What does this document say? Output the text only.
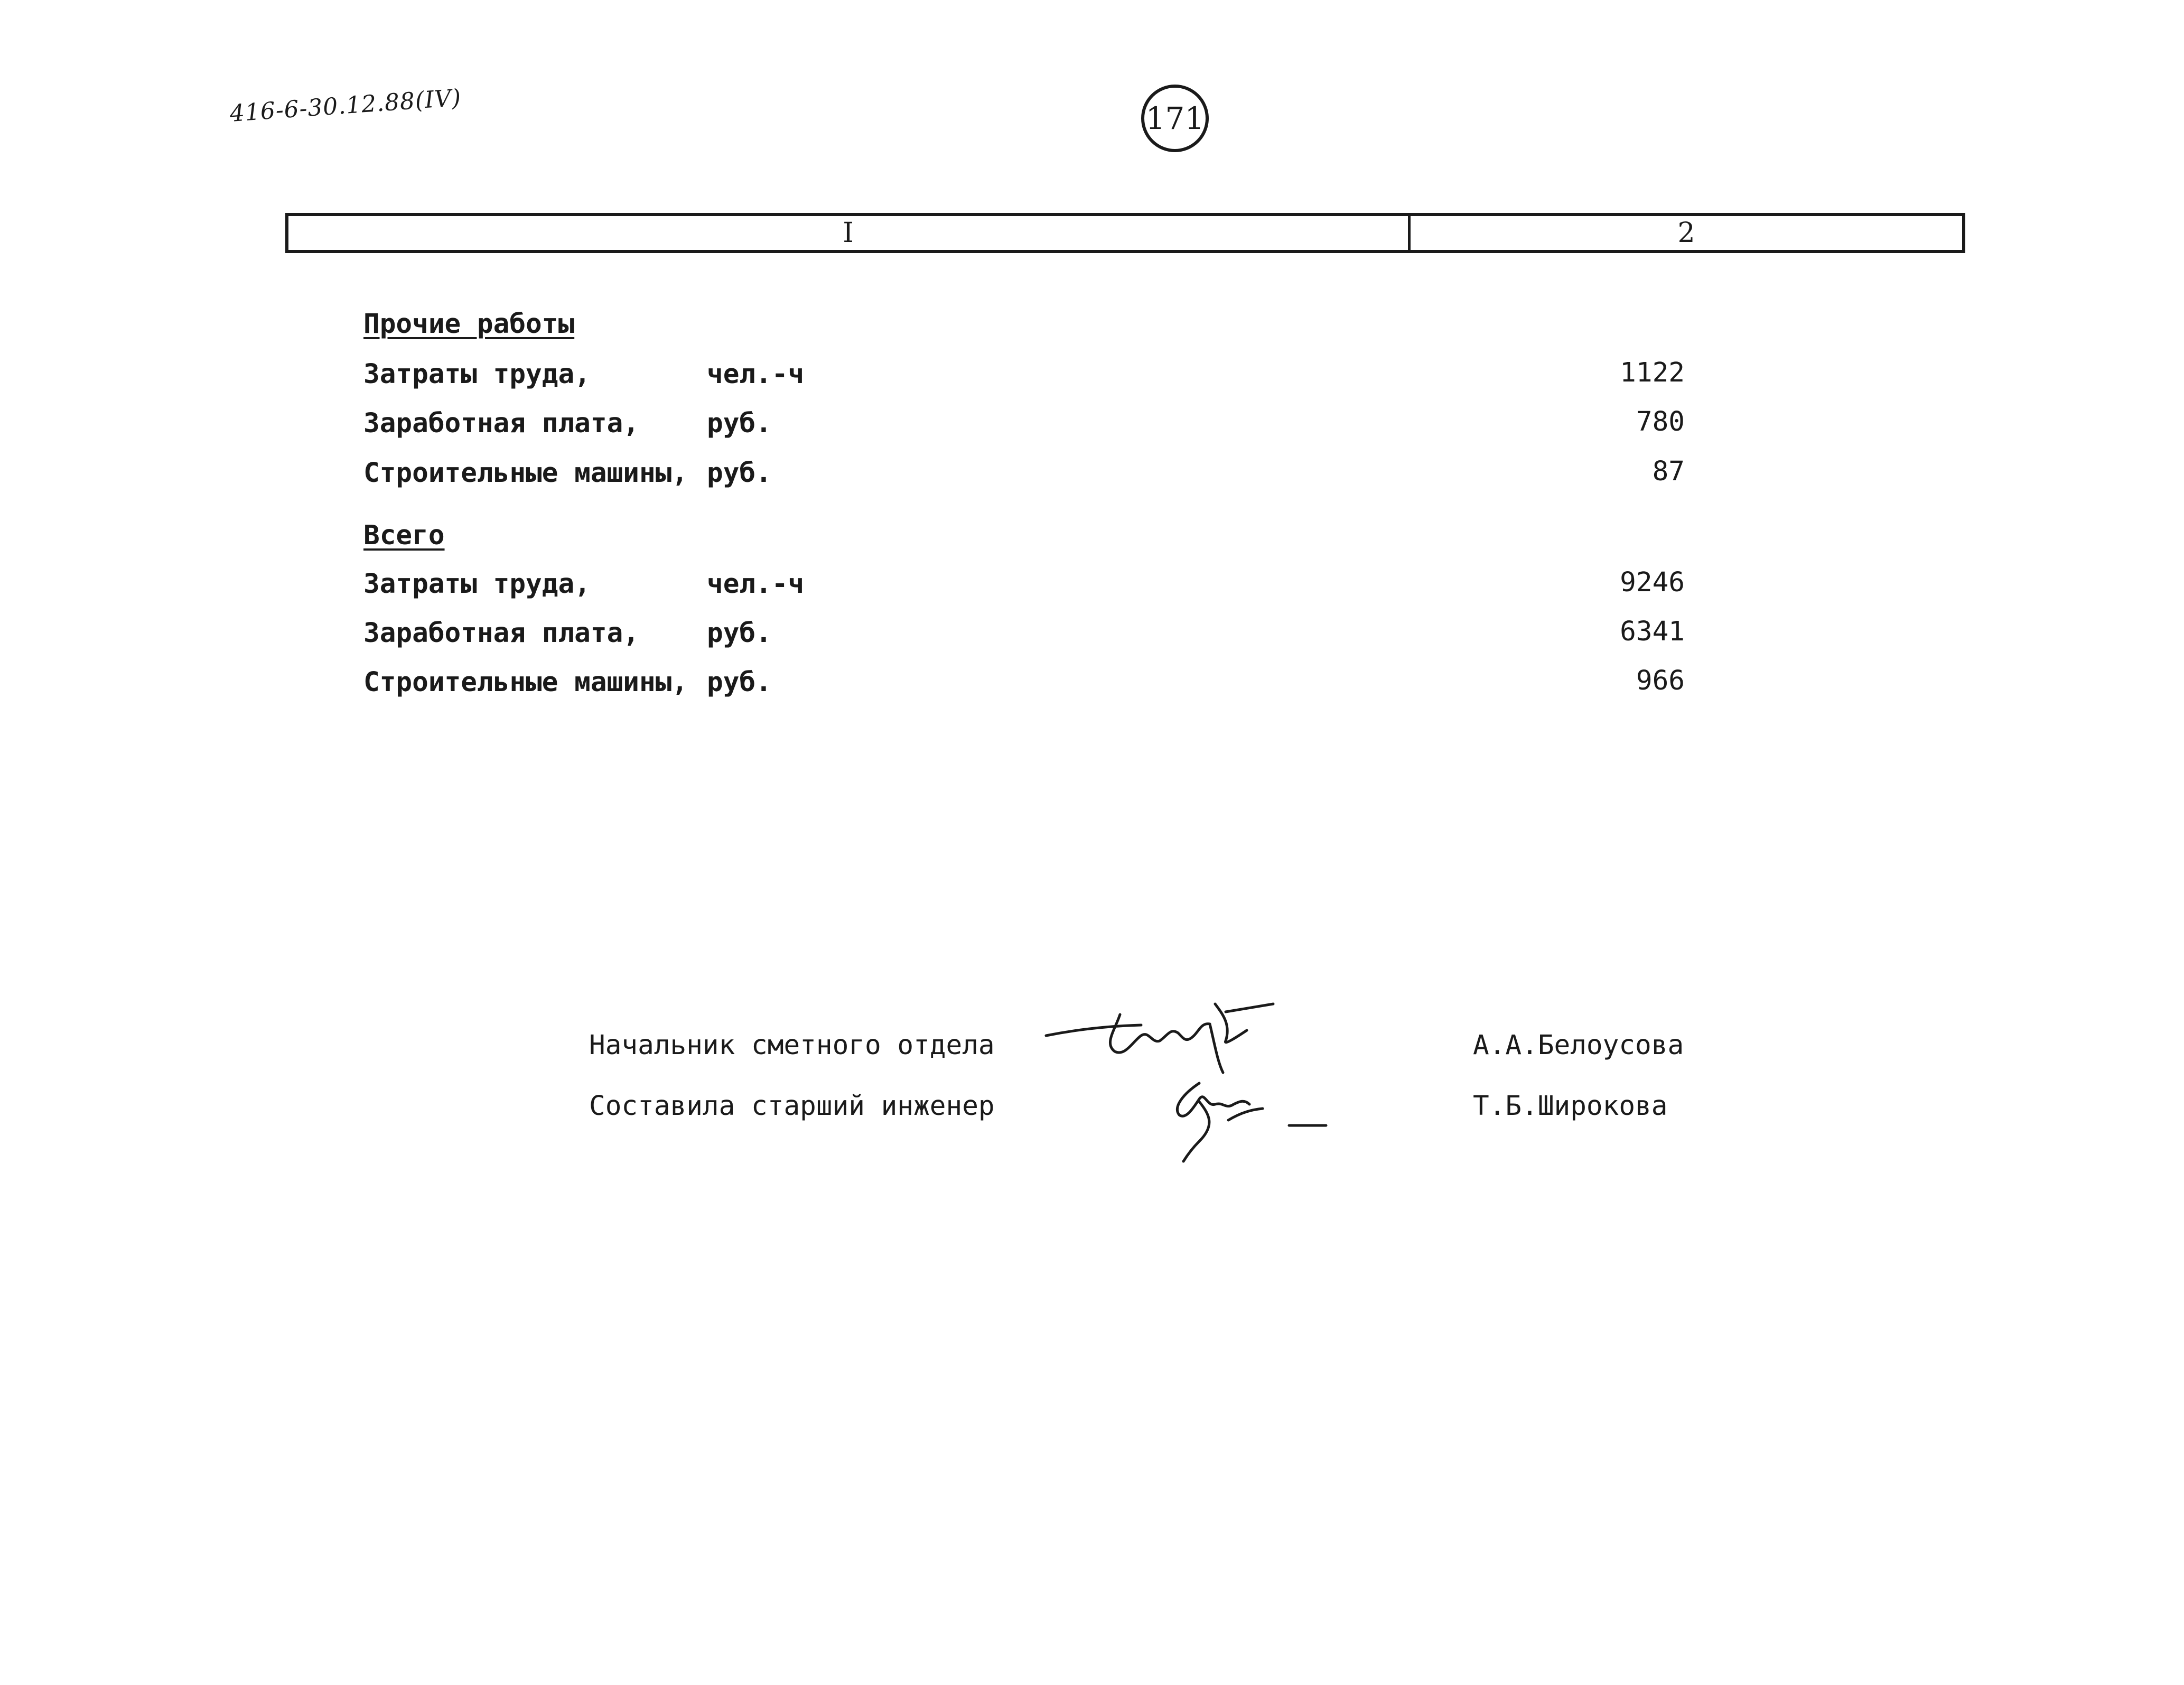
416-6-30.12.88(IV)	171
I	2
Прочие работы
Затраты труда,	чел.-ч	1122
Заработная плата,	руб.	780
Строительные машины, руб.	87
Всего
Затраты труда,	чел.-ч	9246
Заработная плата,	руб.	6341
Строительные машины, руб.	966
Начальник сметного отдела	А.А.Белоусова
Составила старший инженер	Т.Б.Широкова
